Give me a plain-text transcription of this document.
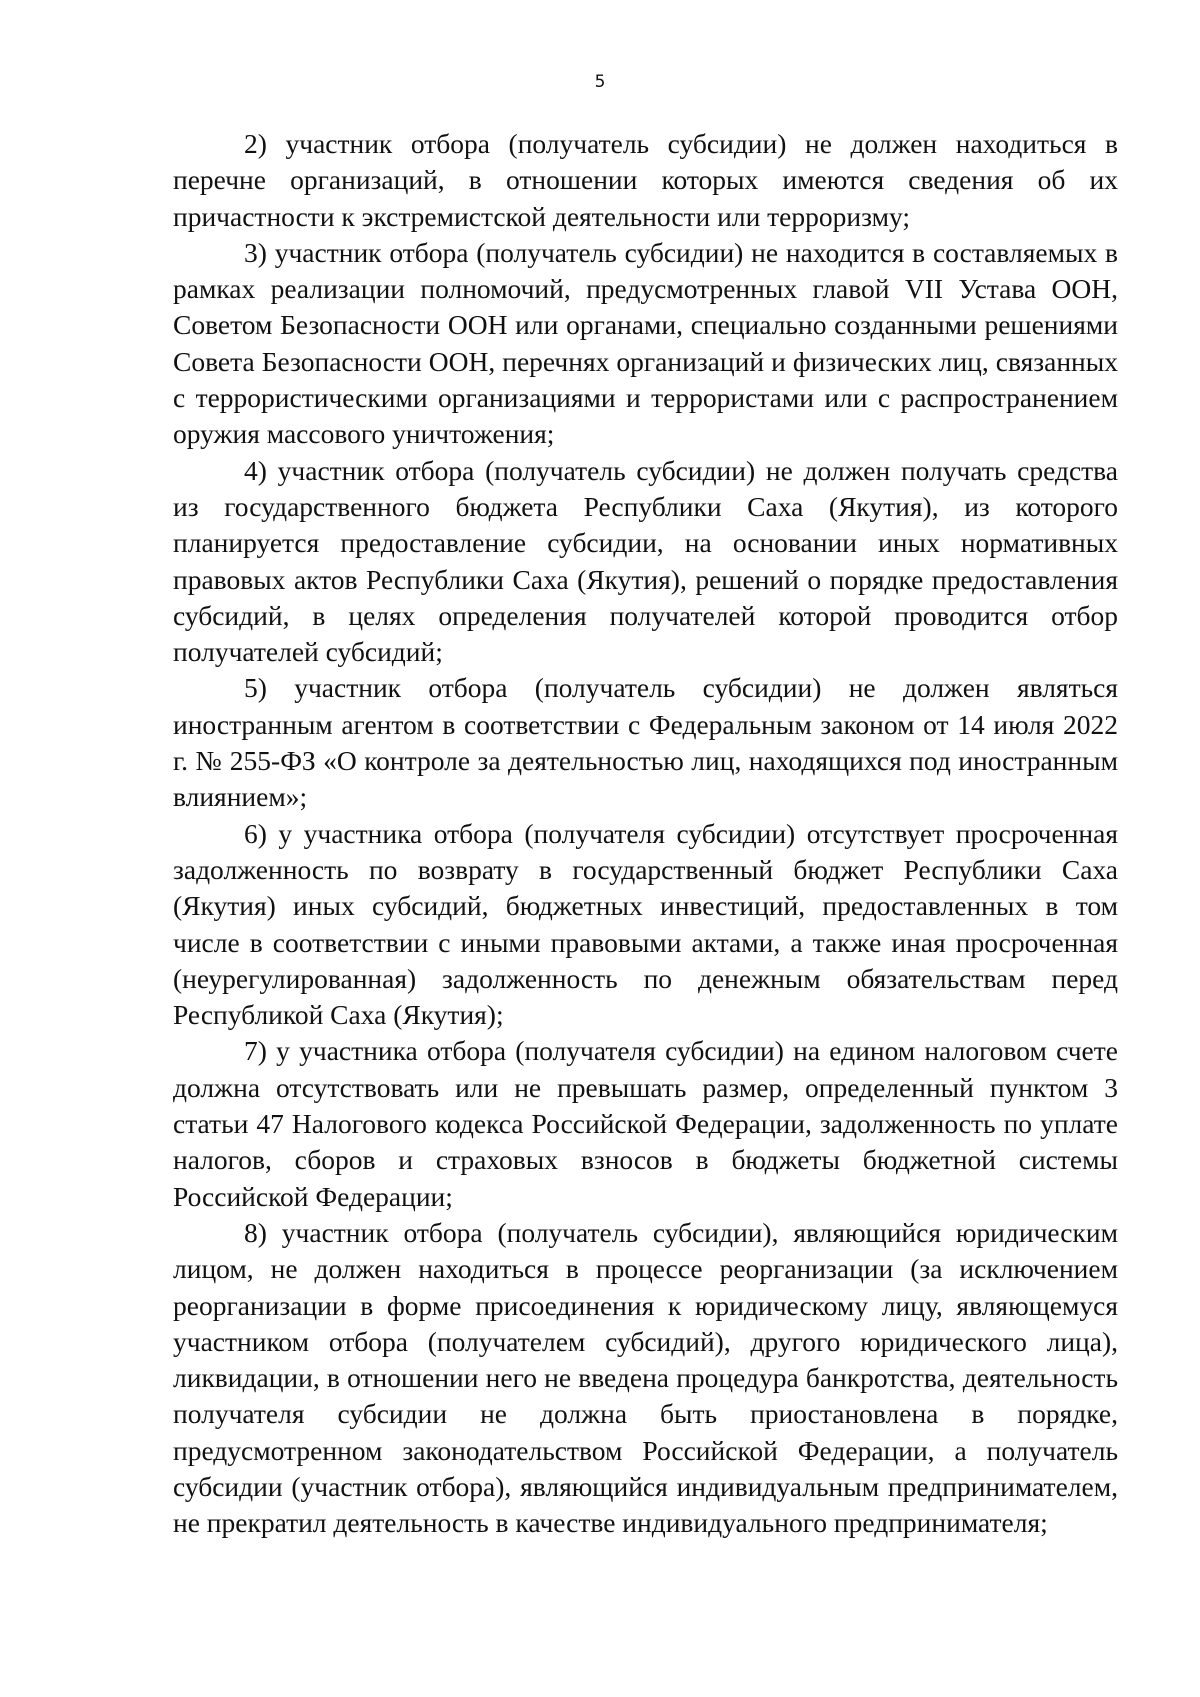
5

2) участник отбора (получатель субсидии) не должен находиться в перечне организаций, в отношении которых имеются сведения об их причастности к экстремистской деятельности или терроризму;

3) участник отбора (получатель субсидии) не находится в составляемых в рамках реализации полномочий, предусмотренных главой VII Устава ООН, Советом Безопасности ООН или органами, специально созданными решениями Совета Безопасности ООН, перечнях организаций и физических лиц, связанных с террористическими организациями и террористами или с распространением оружия массового уничтожения;

4) участник отбора (получатель субсидии) не должен получать средства из государственного бюджета Республики Саха (Якутия), из которого планируется предоставление субсидии, на основании иных нормативных правовых актов Республики Саха (Якутия), решений о порядке предоставления субсидий, в целях определения получателей которой проводится отбор получателей субсидий;

5) участник отбора (получатель субсидии) не должен являться иностранным агентом в соответствии с Федеральным законом от 14 июля 2022 г. № 255-ФЗ «О контроле за деятельностью лиц, находящихся под иностранным влиянием»;

6) у участника отбора (получателя субсидии) отсутствует просроченная задолженность по возврату в государственный бюджет Республики Саха (Якутия) иных субсидий, бюджетных инвестиций, предоставленных в том числе в соответствии с иными правовыми актами, а также иная просроченная (неурегулированная) задолженность по денежным обязательствам перед Республикой Саха (Якутия);

7) у участника отбора (получателя субсидии) на едином налоговом счете должна отсутствовать или не превышать размер, определенный пунктом 3 статьи 47 Налогового кодекса Российской Федерации, задолженность по уплате налогов, сборов и страховых взносов в бюджеты бюджетной системы Российской Федерации;

8) участник отбора (получатель субсидии), являющийся юридическим лицом, не должен находиться в процессе реорганизации (за исключением реорганизации в форме присоединения к юридическому лицу, являющемуся участником отбора (получателем субсидий), другого юридического лица), ликвидации, в отношении него не введена процедура банкротства, деятельность получателя субсидии не должна быть приостановлена в порядке, предусмотренном законодательством Российской Федерации, а получатель субсидии (участник отбора), являющийся индивидуальным предпринимателем, не прекратил деятельность в качестве индивидуального предпринимателя;
